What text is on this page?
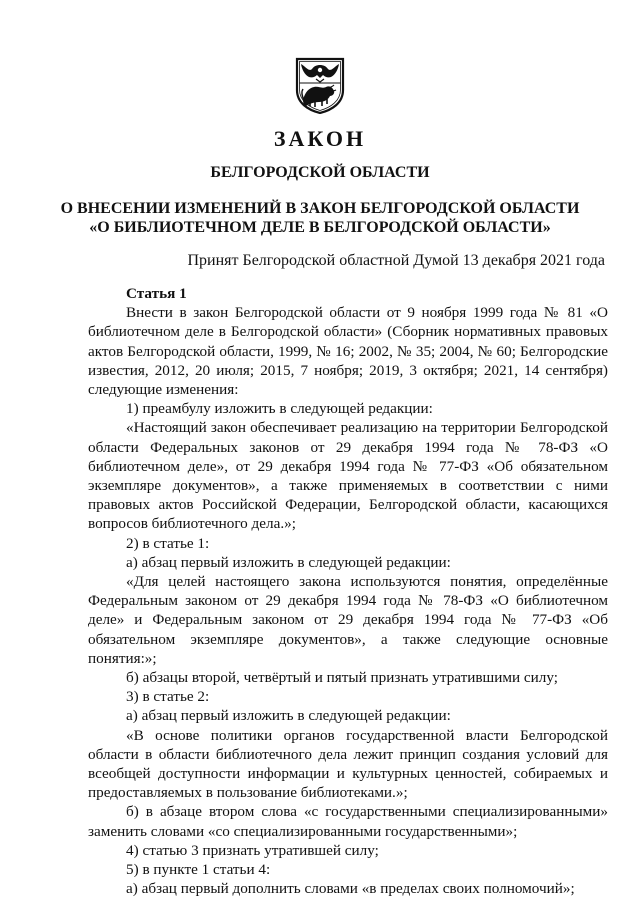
ЗАКОН
БЕЛГОРОДСКОЙ ОБЛАСТИ
О ВНЕСЕНИИ ИЗМЕНЕНИЙ В ЗАКОН БЕЛГОРОДСКОЙ ОБЛАСТИ
«О БИБЛИОТЕЧНОМ ДЕЛЕ В БЕЛГОРОДСКОЙ ОБЛАСТИ»
Принят Белгородской областной Думой 13 декабря 2021 года

Статья 1

Внести в закон Белгородской области от 9 ноября 1999 года № 81 «О библиотечном деле в Белгородской области» (Сборник нормативных правовых актов Белгородской области, 1999, № 16; 2002, № 35; 2004, № 60; Белгородские известия, 2012, 20 июля; 2015, 7 ноября; 2019, 3 октября; 2021, 14 сентября) следующие изменения:

1) преамбулу изложить в следующей редакции:

«Настоящий закон обеспечивает реализацию на территории Белгородской области Федеральных законов от 29 декабря 1994 года № 78-ФЗ «О библиотечном деле», от 29 декабря 1994 года № 77-ФЗ «Об обязательном экземпляре документов», а также применяемых в соответствии с ними правовых актов Российской Федерации, Белгородской области, касающихся вопросов библиотечного дела.»;

2) в статье 1:

а) абзац первый изложить в следующей редакции:

«Для целей настоящего закона используются понятия, определённые Федеральным законом от 29 декабря 1994 года № 78-ФЗ «О библиотечном деле» и Федеральным законом от 29 декабря 1994 года № 77-ФЗ «Об обязательном экземпляре документов», а также следующие основные понятия:»;

б) абзацы второй, четвёртый и пятый признать утратившими силу;

3) в статье 2:

а) абзац первый изложить в следующей редакции:

«В основе политики органов государственной власти Белгородской области в области библиотечного дела лежит принцип создания условий для всеобщей доступности информации и культурных ценностей, собираемых и предоставляемых в пользование библиотеками.»;

б) в абзаце втором слова «с государственными специализированными» заменить словами «со специализированными государственными»;

4) статью 3 признать утратившей силу;

5) в пункте 1 статьи 4:

а) абзац первый дополнить словами «в пределах своих полномочий»;
